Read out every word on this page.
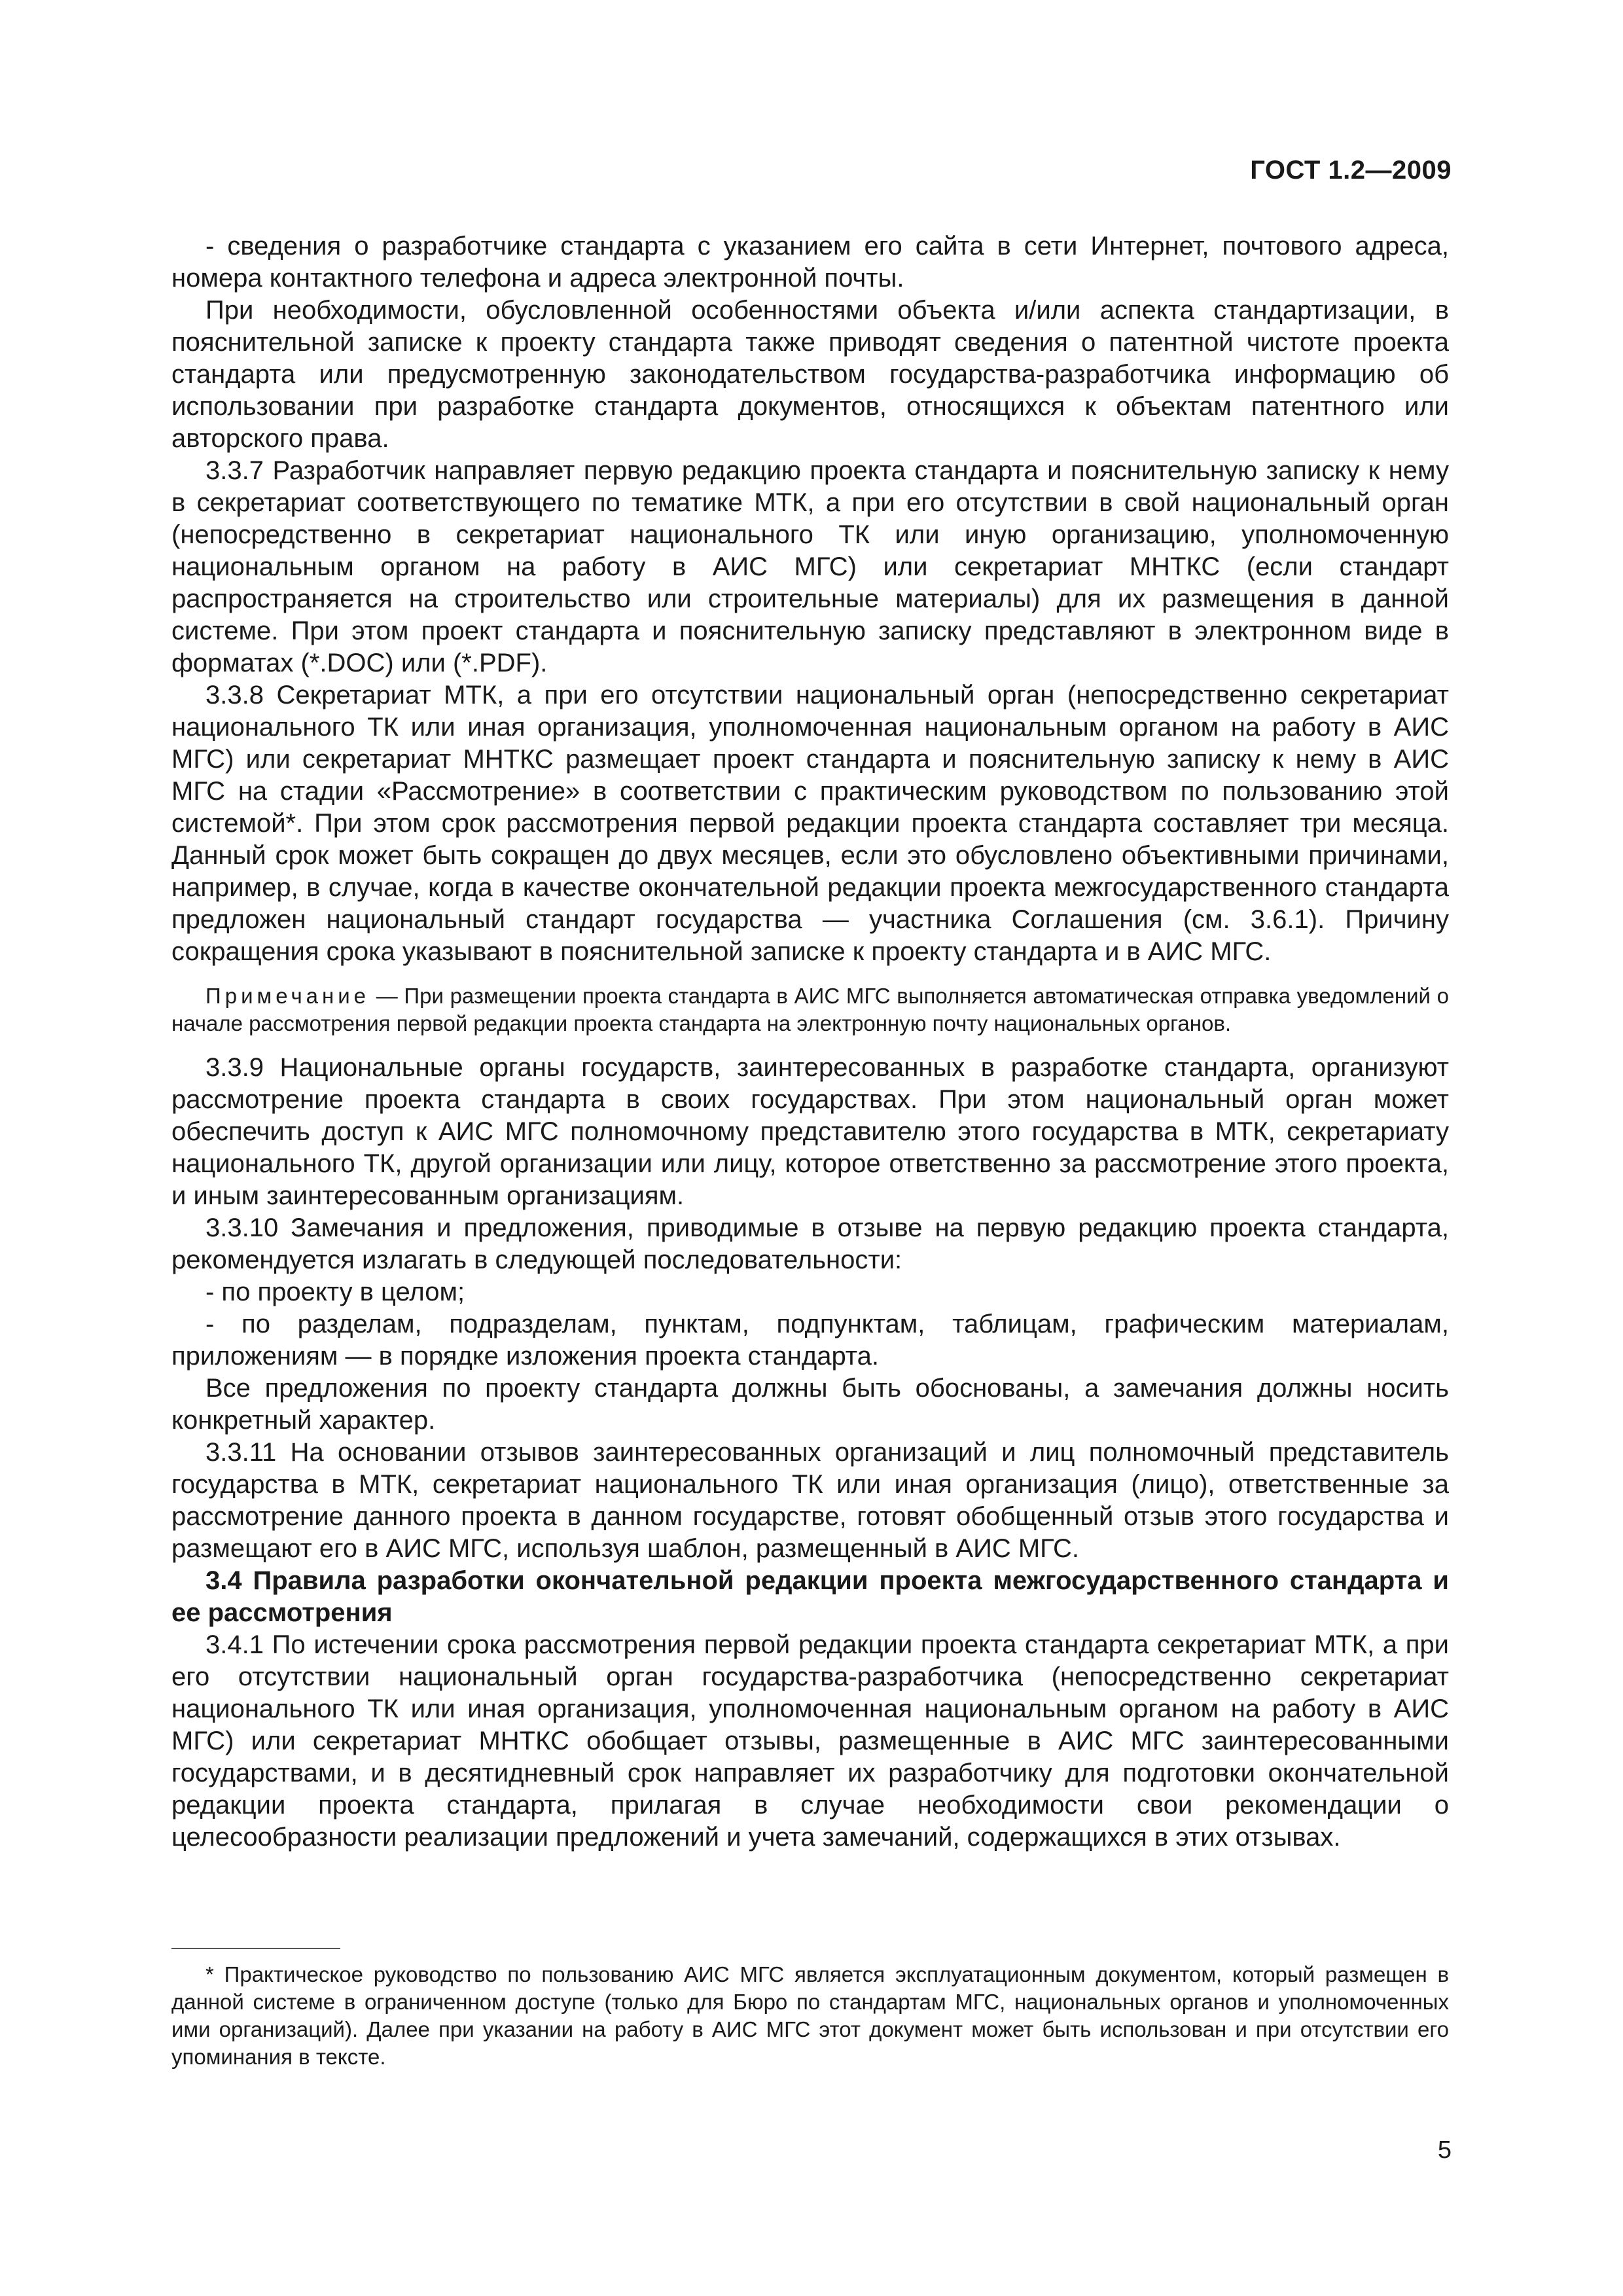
ГОСТ 1.2—2009

- сведения о разработчике стандарта с указанием его сайта в сети Интернет, почтового адреса, номера контактного телефона и адреса электронной почты.

При необходимости, обусловленной особенностями объекта и/или аспекта стандартизации, в пояснительной записке к проекту стандарта также приводят сведения о патентной чистоте проекта стандарта или предусмотренную законодательством государства-разработчика информацию об использовании при разработке стандарта документов, относящихся к объектам патентного или авторского права.

3.3.7 Разработчик направляет первую редакцию проекта стандарта и пояснительную записку к нему в секретариат соответствующего по тематике МТК, а при его отсутствии в свой национальный орган (непосредственно в секретариат национального ТК или иную организацию, уполномоченную национальным органом на работу в АИС МГС) или секретариат МНТКС (если стандарт распространяется на строительство или строительные материалы) для их размещения в данной системе. При этом проект стандарта и пояснительную записку представляют в электронном виде в форматах (*.DOC) или (*.PDF).

3.3.8 Секретариат МТК, а при его отсутствии национальный орган (непосредственно секретариат национального ТК или иная организация, уполномоченная национальным органом на работу в АИС МГС) или секретариат МНТКС размещает проект стандарта и пояснительную записку к нему в АИС МГС на стадии «Рассмотрение» в соответствии с практическим руководством по пользованию этой системой*. При этом срок рассмотрения первой редакции проекта стандарта составляет три месяца. Данный срок может быть сокращен до двух месяцев, если это обусловлено объективными причинами, например, в случае, когда в качестве окончательной редакции проекта межгосударственного стандарта предложен национальный стандарт государства — участника Соглашения (см. 3.6.1). Причину сокращения срока указывают в пояснительной записке к проекту стандарта и в АИС МГС.

Примечание — При размещении проекта стандарта в АИС МГС выполняется автоматическая отправка уведомлений о начале рассмотрения первой редакции проекта стандарта на электронную почту национальных органов.

3.3.9 Национальные органы государств, заинтересованных в разработке стандарта, организуют рассмотрение проекта стандарта в своих государствах. При этом национальный орган может обеспечить доступ к АИС МГС полномочному представителю этого государства в МТК, секретариату национального ТК, другой организации или лицу, которое ответственно за рассмотрение этого проекта, и иным заинтересованным организациям.

3.3.10 Замечания и предложения, приводимые в отзыве на первую редакцию проекта стандарта, рекомендуется излагать в следующей последовательности:

- по проекту в целом;

- по разделам, подразделам, пунктам, подпунктам, таблицам, графическим материалам, приложениям — в порядке изложения проекта стандарта.

Все предложения по проекту стандарта должны быть обоснованы, а замечания должны носить конкретный характер.

3.3.11 На основании отзывов заинтересованных организаций и лиц полномочный представитель государства в МТК, секретариат национального ТК или иная организация (лицо), ответственные за рассмотрение данного проекта в данном государстве, готовят обобщенный отзыв этого государства и размещают его в АИС МГС, используя шаблон, размещенный в АИС МГС.

3.4 Правила разработки окончательной редакции проекта межгосударственного стандарта и ее рассмотрения

3.4.1 По истечении срока рассмотрения первой редакции проекта стандарта секретариат МТК, а при его отсутствии национальный орган государства-разработчика (непосредственно секретариат национального ТК или иная организация, уполномоченная национальным органом на работу в АИС МГС) или секретариат МНТКС обобщает отзывы, размещенные в АИС МГС заинтересованными государствами, и в десятидневный срок направляет их разработчику для подготовки окончательной редакции проекта стандарта, прилагая в случае необходимости свои рекомендации о целесообразности реализации предложений и учета замечаний, содержащихся в этих отзывах.

* Практическое руководство по пользованию АИС МГС является эксплуатационным документом, который размещен в данной системе в ограниченном доступе (только для Бюро по стандартам МГС, национальных органов и уполномоченных ими организаций). Далее при указании на работу в АИС МГС этот документ может быть использован и при отсутствии его упоминания в тексте.
5
